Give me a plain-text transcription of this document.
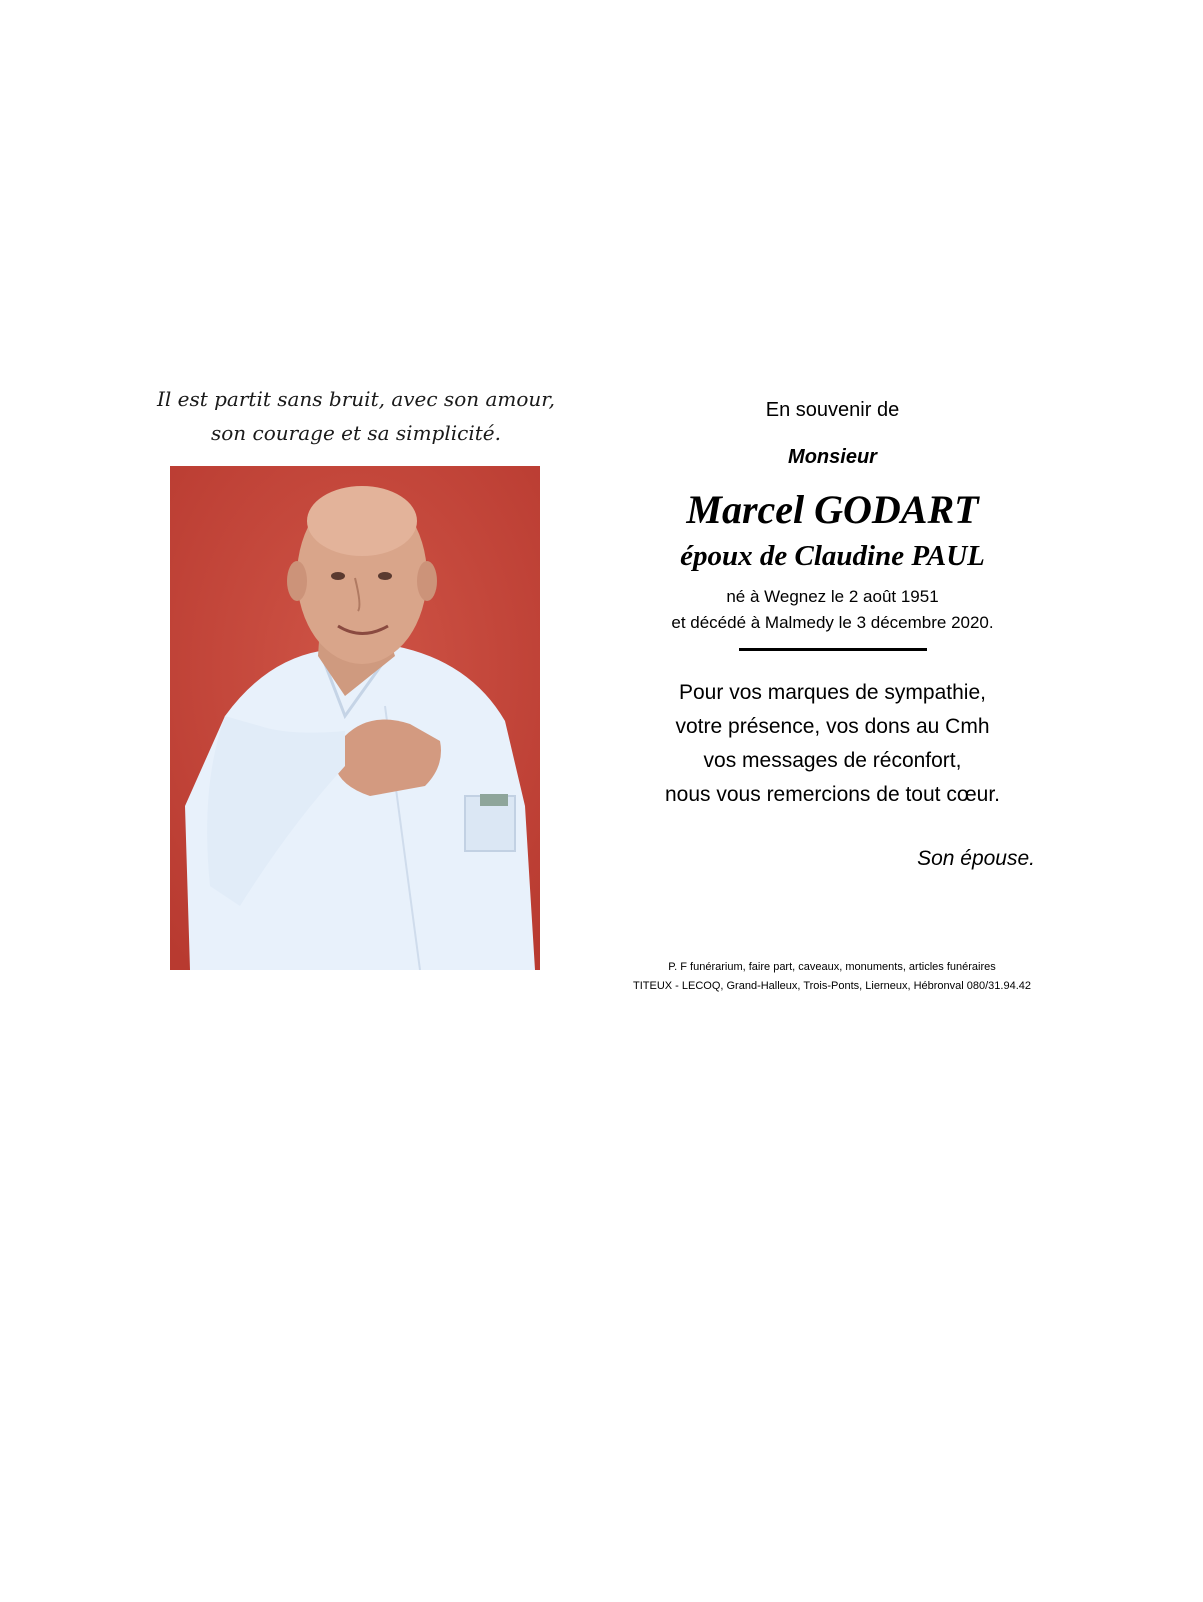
Il est partit sans bruit, avec son amour,
son courage et sa simplicité.
En souvenir de
Monsieur
Marcel GODART
époux de Claudine PAUL
né à Wegnez le 2 août 1951
et décédé à Malmedy le 3 décembre 2020.
Pour vos marques de sympathie,
votre présence, vos dons au Cmh
vos messages de réconfort,
nous vous remercions de tout cœur.
Son épouse.
P. F funérarium, faire part, caveaux, monuments, articles funéraires
TITEUX - LECOQ, Grand-Halleux, Trois-Ponts, Lierneux, Hébronval 080/31.94.42
